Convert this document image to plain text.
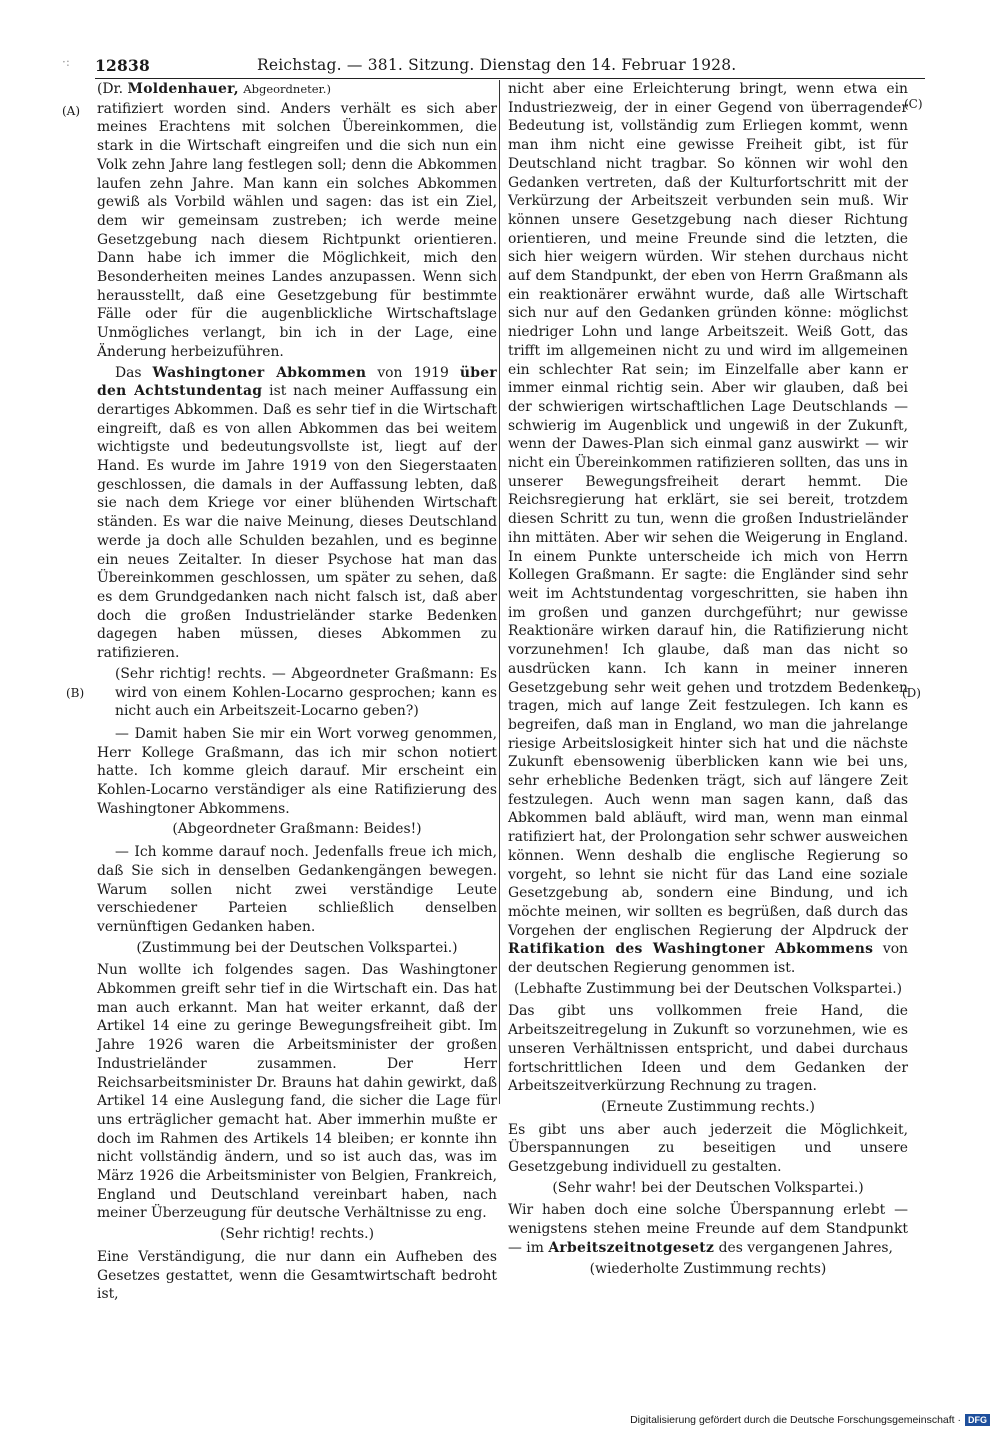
·: 12838	Reichstag. — 381. Sitzung. Dienstag den 14. Februar 1928.
(A)
(B)
(C)
(D)

(Dr. Moldenhauer, Abgeordneter.)

ratifiziert worden sind. Anders verhält es sich aber meines Erachtens mit solchen Übereinkommen, die stark in die Wirtschaft eingreifen und die sich nun ein Volk zehn Jahre lang festlegen soll; denn die Abkommen laufen zehn Jahre. Man kann ein solches Abkommen gewiß als Vorbild wählen und sagen: das ist ein Ziel, dem wir gemeinsam zustreben; ich werde meine Gesetzgebung nach diesem Richtpunkt orientieren. Dann habe ich immer die Möglichkeit, mich den Besonderheiten meines Landes anzupassen. Wenn sich herausstellt, daß eine Gesetzgebung für bestimmte Fälle oder für die augenblickliche Wirtschaftslage Unmögliches verlangt, bin ich in der Lage, eine Änderung herbeizuführen.

Das Washingtoner Abkommen von 1919 über den Achtstundentag ist nach meiner Auffassung ein derartiges Abkommen. Daß es sehr tief in die Wirtschaft eingreift, daß es von allen Abkommen das bei weitem wichtigste und bedeutungsvollste ist, liegt auf der Hand. Es wurde im Jahre 1919 von den Siegerstaaten geschlossen, die damals in der Auffassung lebten, daß sie nach dem Kriege vor einer blühenden Wirtschaft ständen. Es war die naive Meinung, dieses Deutschland werde ja doch alle Schulden bezahlen, und es beginne ein neues Zeitalter. In dieser Psychose hat man das Übereinkommen geschlossen, um später zu sehen, daß es dem Grundgedanken nach nicht falsch ist, daß aber doch die großen Industrieländer starke Bedenken dagegen haben müssen, dieses Abkommen zu ratifizieren.

(Sehr richtig! rechts. — Abgeordneter Graßmann: Es wird von einem Kohlen-Locarno gesprochen; kann es nicht auch ein Arbeitszeit-Locarno geben?)

— Damit haben Sie mir ein Wort vorweg genommen, Herr Kollege Graßmann, das ich mir schon notiert hatte. Ich komme gleich darauf. Mir erscheint ein Kohlen-Locarno verständiger als eine Ratifizierung des Washingtoner Abkommens.

(Abgeordneter Graßmann: Beides!)

— Ich komme darauf noch. Jedenfalls freue ich mich, daß Sie sich in denselben Gedankengängen bewegen. Warum sollen nicht zwei verständige Leute verschiedener Parteien schließlich denselben vernünftigen Gedanken haben.

(Zustimmung bei der Deutschen Volkspartei.)

Nun wollte ich folgendes sagen. Das Washingtoner Abkommen greift sehr tief in die Wirtschaft ein. Das hat man auch erkannt. Man hat weiter erkannt, daß der Artikel 14 eine zu geringe Bewegungsfreiheit gibt. Im Jahre 1926 waren die Arbeitsminister der großen Industrieländer zusammen. Der Herr Reichsarbeitsminister Dr. Brauns hat dahin gewirkt, daß Artikel 14 eine Auslegung fand, die sicher die Lage für uns erträglicher gemacht hat. Aber immerhin mußte er doch im Rahmen des Artikels 14 bleiben; er konnte ihn nicht vollständig ändern, und so ist auch das, was im März 1926 die Arbeitsminister von Belgien, Frankreich, England und Deutschland vereinbart haben, nach meiner Überzeugung für deutsche Verhältnisse zu eng.

(Sehr richtig! rechts.)

Eine Verständigung, die nur dann ein Aufheben des Gesetzes gestattet, wenn die Gesamtwirtschaft bedroht ist,

nicht aber eine Erleichterung bringt, wenn etwa ein Industriezweig, der in einer Gegend von überragender Bedeutung ist, vollständig zum Erliegen kommt, wenn man ihm nicht eine gewisse Freiheit gibt, ist für Deutschland nicht tragbar. So können wir wohl den Gedanken vertreten, daß der Kulturfortschritt mit der Verkürzung der Arbeitszeit verbunden sein muß. Wir können unsere Gesetzgebung nach dieser Richtung orientieren, und meine Freunde sind die letzten, die sich hier weigern würden. Wir stehen durchaus nicht auf dem Standpunkt, der eben von Herrn Graßmann als ein reaktionärer erwähnt wurde, daß alle Wirtschaft sich nur auf den Gedanken gründen könne: möglichst niedriger Lohn und lange Arbeitszeit. Weiß Gott, das trifft im allgemeinen nicht zu und wird im allgemeinen ein schlechter Rat sein; im Einzelfalle aber kann er immer einmal richtig sein. Aber wir glauben, daß bei der schwierigen wirtschaftlichen Lage Deutschlands — schwierig im Augenblick und ungewiß in der Zukunft, wenn der Dawes-Plan sich einmal ganz auswirkt — wir nicht ein Übereinkommen ratifizieren sollten, das uns in unserer Bewegungsfreiheit derart hemmt. Die Reichsregierung hat erklärt, sie sei bereit, trotzdem diesen Schritt zu tun, wenn die großen Industrieländer ihn mittäten. Aber wir sehen die Weigerung in England. In einem Punkte unterscheide ich mich von Herrn Kollegen Graßmann. Er sagte: die Engländer sind sehr weit im Achtstundentag vorgeschritten, sie haben ihn im großen und ganzen durchgeführt; nur gewisse Reaktionäre wirken darauf hin, die Ratifizierung nicht vorzunehmen! Ich glaube, daß man das nicht so ausdrücken kann. Ich kann in meiner inneren Gesetzgebung sehr weit gehen und trotzdem Bedenken tragen, mich auf lange Zeit festzulegen. Ich kann es begreifen, daß man in England, wo man die jahrelange riesige Arbeitslosigkeit hinter sich hat und die nächste Zukunft ebensowenig überblicken kann wie bei uns, sehr erhebliche Bedenken trägt, sich auf längere Zeit festzulegen. Auch wenn man sagen kann, daß das Abkommen bald abläuft, wird man, wenn man einmal ratifiziert hat, der Prolongation sehr schwer ausweichen können. Wenn deshalb die englische Regierung so vorgeht, so lehnt sie nicht für das Land eine soziale Gesetzgebung ab, sondern eine Bindung, und ich möchte meinen, wir sollten es begrüßen, daß durch das Vorgehen der englischen Regierung der Alpdruck der Ratifikation des Washingtoner Abkommens von der deutschen Regierung genommen ist.

(Lebhafte Zustimmung bei der Deutschen Volkspartei.)

Das gibt uns vollkommen freie Hand, die Arbeitszeitregelung in Zukunft so vorzunehmen, wie es unseren Verhältnissen entspricht, und dabei durchaus fortschrittlichen Ideen und dem Gedanken der Arbeitszeitverkürzung Rechnung zu tragen.

(Erneute Zustimmung rechts.)

Es gibt uns aber auch jederzeit die Möglichkeit, Überspannungen zu beseitigen und unsere Gesetzgebung individuell zu gestalten.

(Sehr wahr! bei der Deutschen Volkspartei.)

Wir haben doch eine solche Überspannung erlebt — wenigstens stehen meine Freunde auf dem Standpunkt — im Arbeitszeitnotgesetz des vergangenen Jahres,

(wiederholte Zustimmung rechts)

Digitalisierung gefördert durch die Deutsche Forschungsgemeinschaft · DFG
